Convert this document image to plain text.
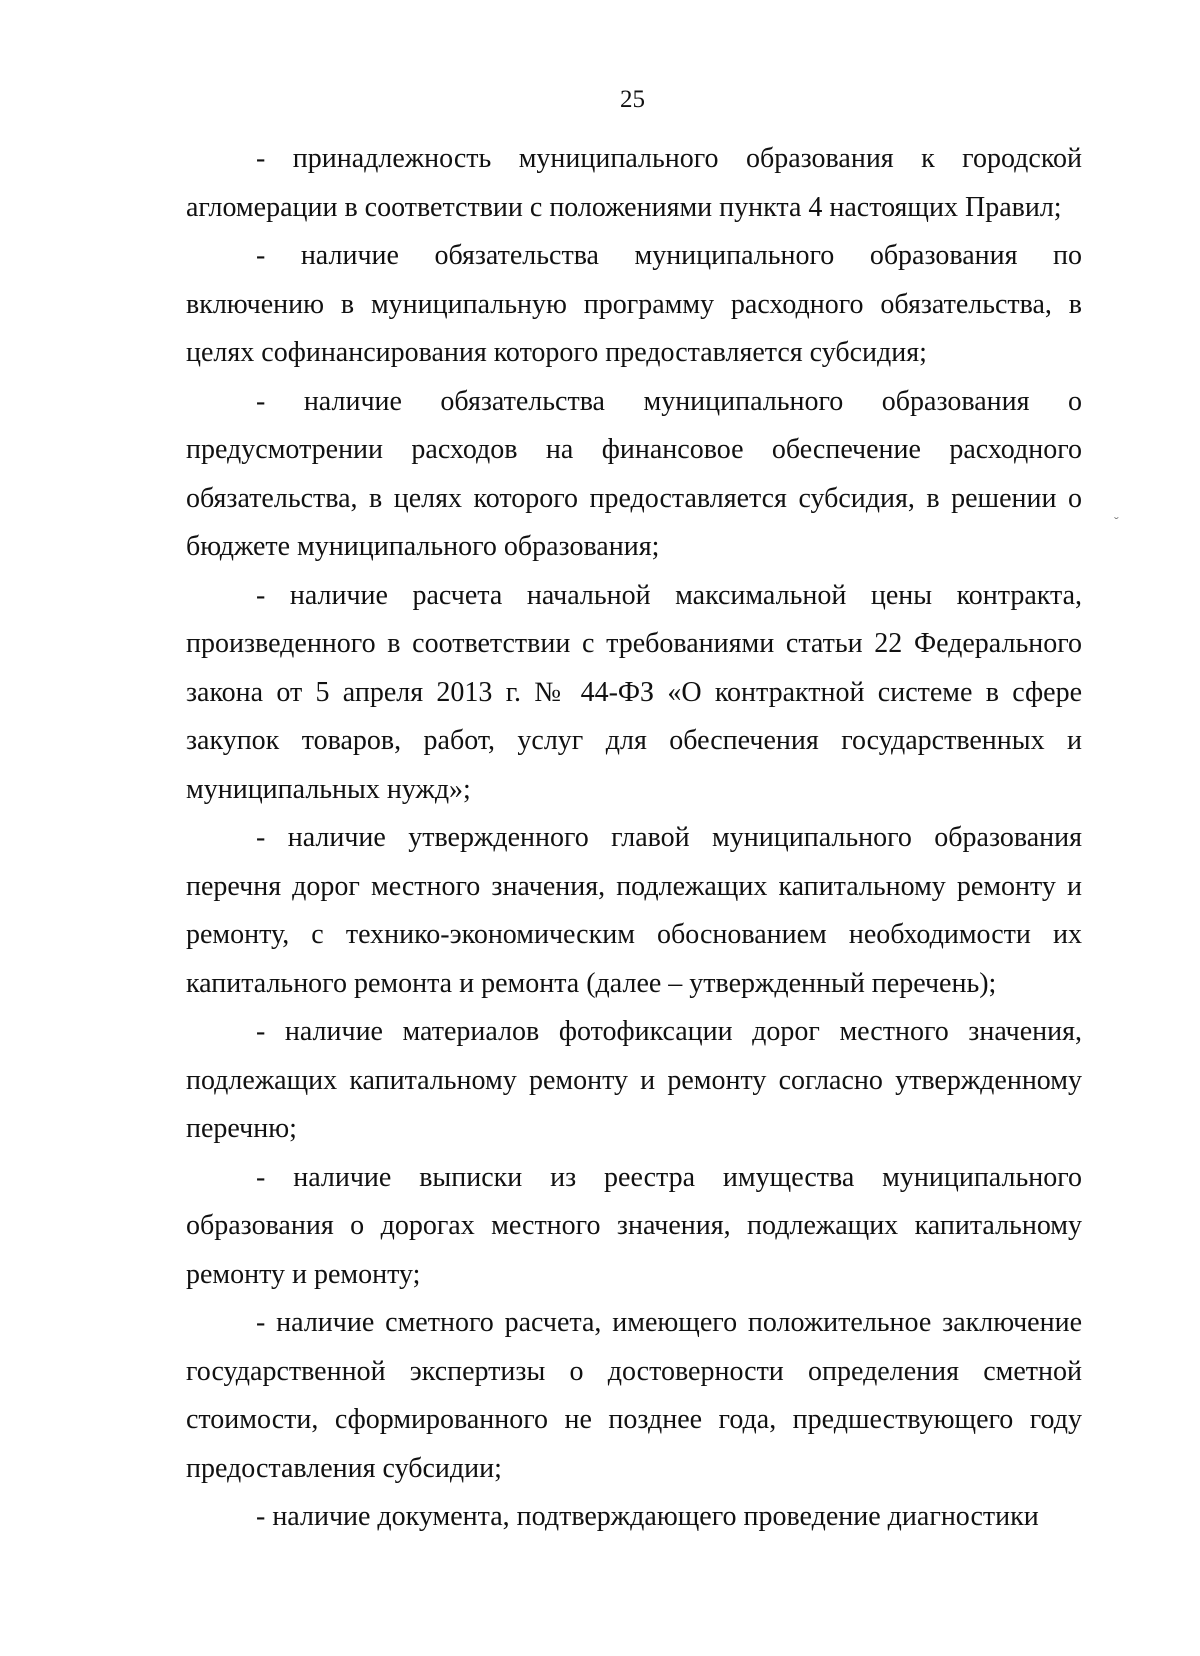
25

- принадлежность муниципального образования к городской агломерации в соответствии с положениями пункта 4 настоящих Правил;

- наличие обязательства муниципального образования по включению в муниципальную программу расходного обязательства, в целях софинансирования которого предоставляется субсидия;

- наличие обязательства муниципального образования о предусмотрении расходов на финансовое обеспечение расходного обязательства, в целях которого предоставляется субсидия, в решении о бюджете муниципального образования;

- наличие расчета начальной максимальной цены контракта, произведенного в соответствии с требованиями статьи 22 Федерального закона от 5 апреля 2013 г. № 44-ФЗ «О контрактной системе в сфере закупок товаров, работ, услуг для обеспечения государственных и муниципальных нужд»;

- наличие утвержденного главой муниципального образования перечня дорог местного значения, подлежащих капитальному ремонту и ремонту, с технико-экономическим обоснованием необходимости их капитального ремонта и ремонта (далее – утвержденный перечень);

- наличие материалов фотофиксации дорог местного значения, подлежащих капитальному ремонту и ремонту согласно утвержденному перечню;

- наличие выписки из реестра имущества муниципального образования о дорогах местного значения, подлежащих капитальному ремонту и ремонту;

- наличие сметного расчета, имеющего положительное заключение государственной экспертизы о достоверности определения сметной стоимости, сформированного не позднее года, предшествующего году предоставления субсидии;

- наличие документа, подтверждающего проведение диагностики

ˬ
